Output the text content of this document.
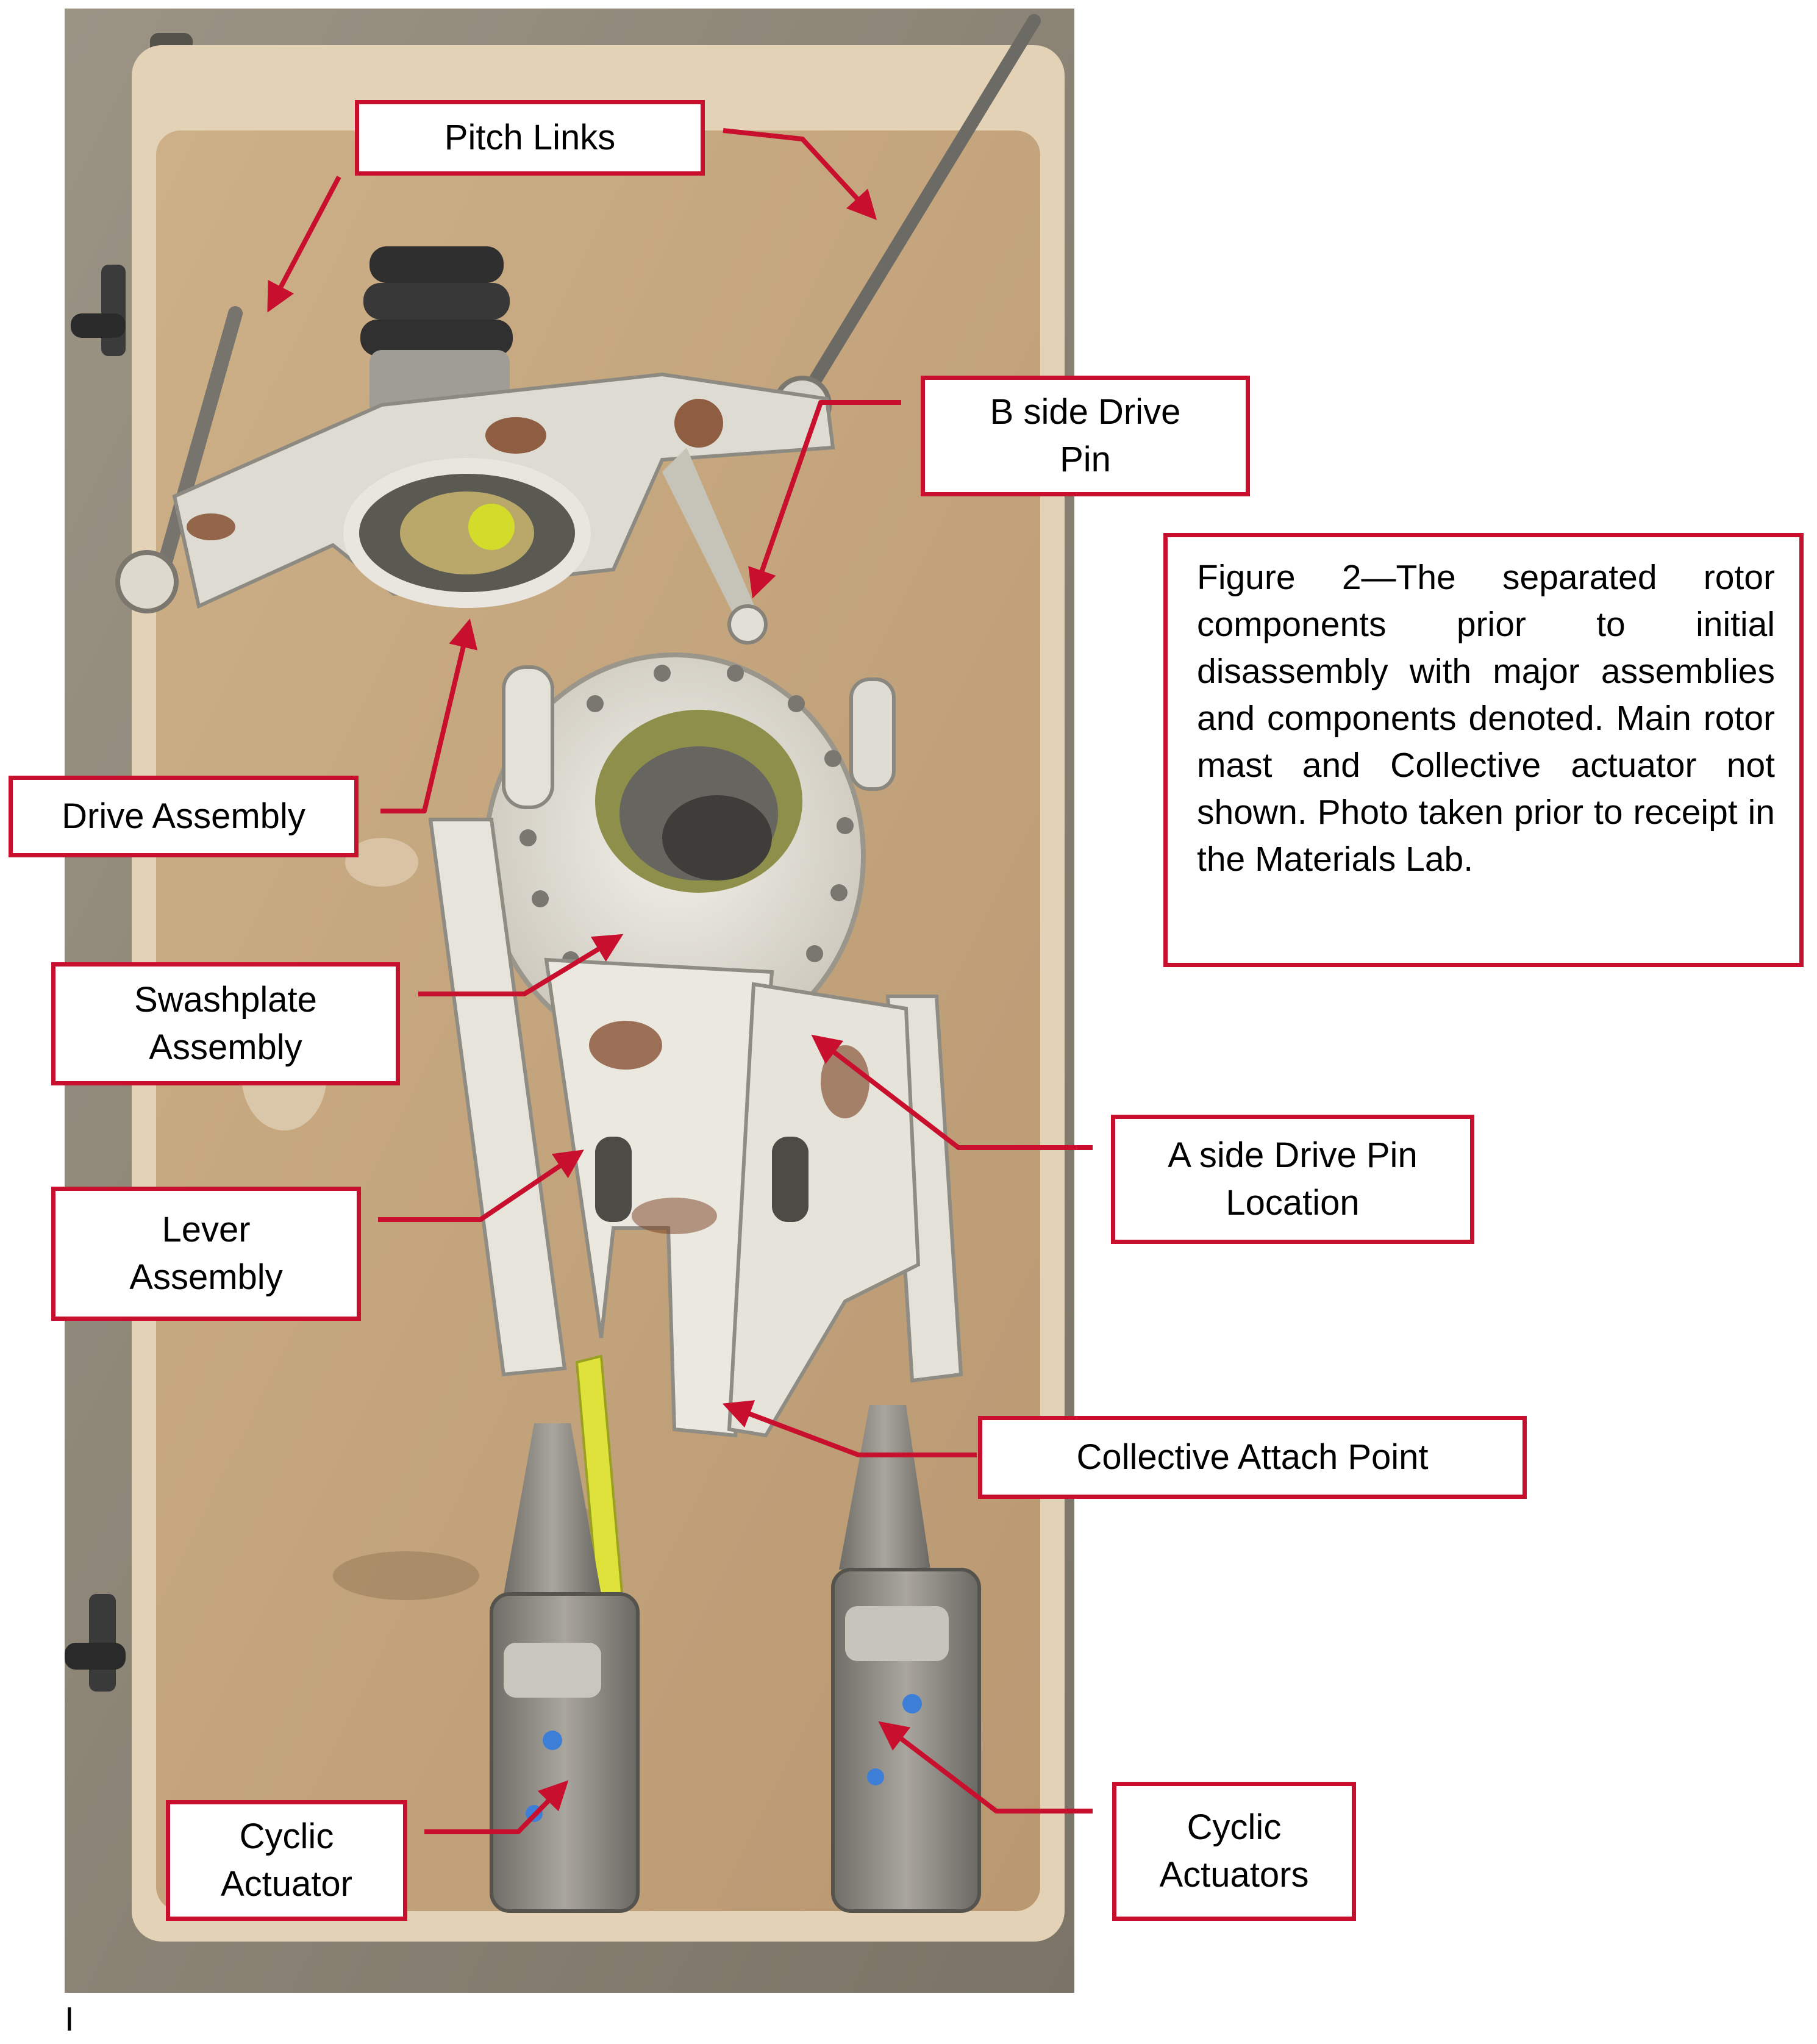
Pitch Links
B side Drive
Pin
Drive Assembly
Swashplate
Assembly
A side Drive Pin
Location
Lever
Assembly
Collective Attach Point
Cyclic
Actuator
Cyclic
Actuators
Figure 2—The separated rotor components prior to initial disassembly with major assemblies and components denoted. Main rotor mast and Collective actuator not shown. Photo taken prior to receipt in the Materials Lab.
I
